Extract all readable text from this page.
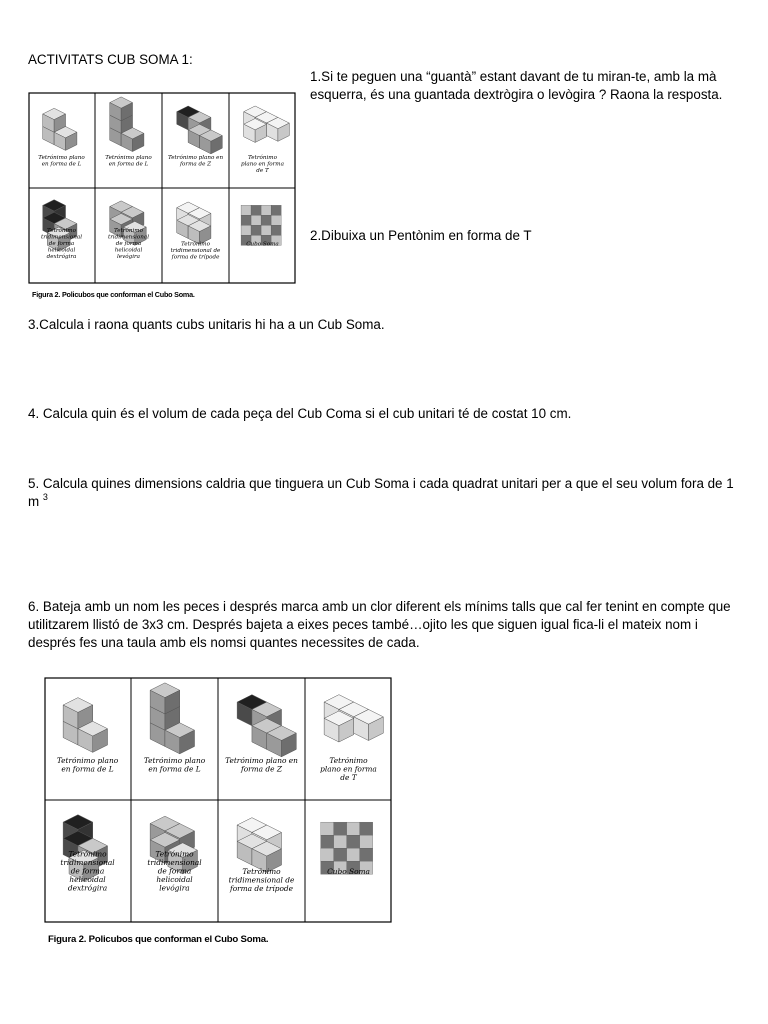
ACTIVITATS CUB SOMA 1:
1.Si te peguen una “guantà” estant davant de tu miran-te, amb la mà esquerra, és una guantada dextrògira o levògira ? Raona la resposta.
2.Dibuixa un Pentònim en forma de T
3.Calcula i raona quants cubs unitaris hi ha a un Cub Soma.
4. Calcula quin és el volum de cada peça del Cub Coma si el cub unitari té de costat 10 cm.
5. Calcula quines dimensions caldria que tinguera un Cub Soma i cada quadrat unitari per a que el seu volum fora de 1 m $^3$
6. Bateja amb un nom les peces i després marca amb un clor diferent els mínims talls que cal fer tenint en compte que utilitzarem llistó de 3x3 cm. Després bajeta a eixes peces també…ojito les que siguen igual fica-li el mateix nom i després fes una taula amb els nomsi quantes necessites de cada.
Tetrónimo plano en forma de L
Tetrónimo plano en forma de L
Tetrónimo plano en forma de Z
Tetrónimo plano en forma de T
Tetrónimo tridimensional de forma helicoidal dextrógira
Tetrónimo tridimensional de forma helicoidal levógira
Tetrónimo tridimensional de forma de trípode
Cubo Soma
Figura 2. Policubos que conforman el Cubo Soma.
Tetrónimo plano en forma de L
Tetrónimo plano en forma de L
Tetrónimo plano en forma de Z
Tetrónimo plano en forma de T
Tetrónimo tridimensional de forma helicoidal dextrógira
Tetrónimo tridimensional de forma helicoidal levógira
Tetrónimo tridimensional de forma de trípode
Cubo Soma
Figura 2. Policubos que conforman el Cubo Soma.
